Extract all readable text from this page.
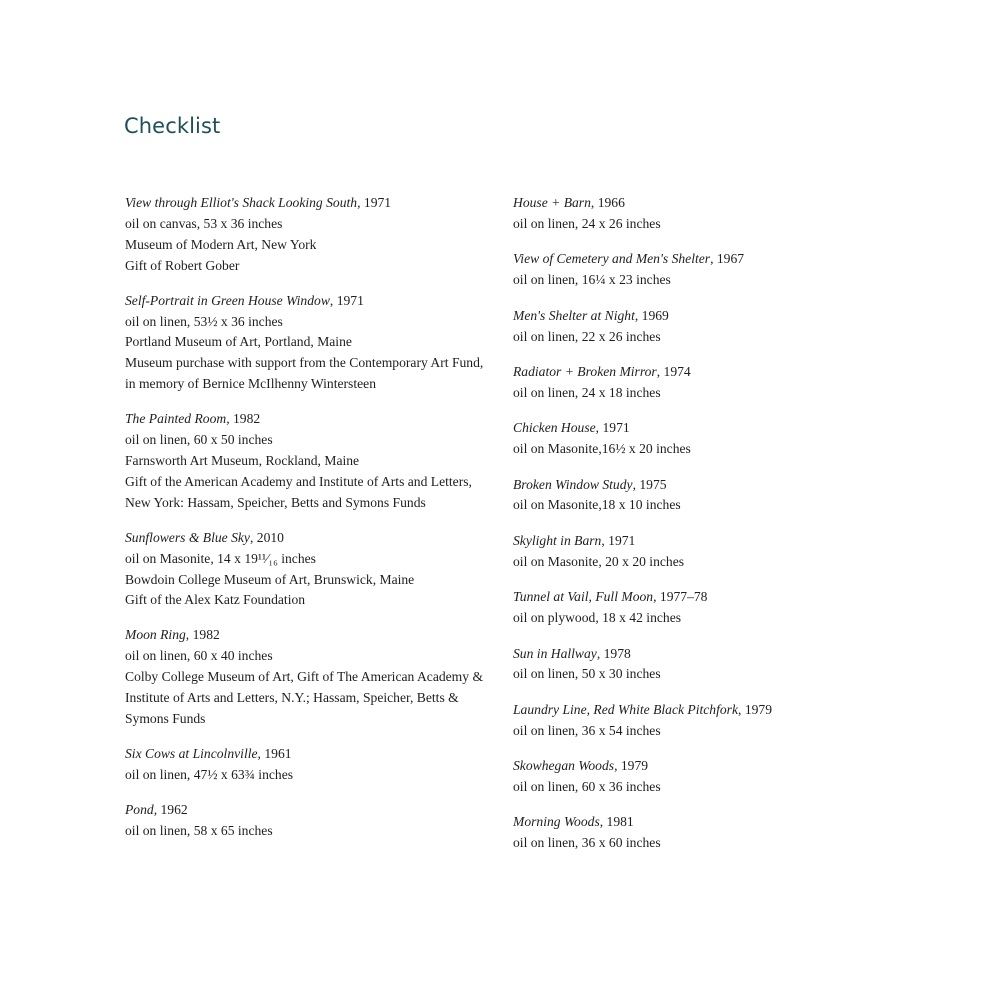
Checklist
View through Elliot's Shack Looking South, 1971
oil on canvas, 53 x 36 inches
Museum of Modern Art, New York
Gift of Robert Gober
Self-Portrait in Green House Window, 1971
oil on linen, 53½ x 36 inches
Portland Museum of Art, Portland, Maine
Museum purchase with support from the Contemporary Art Fund, in memory of Bernice McIlhenny Wintersteen
The Painted Room, 1982
oil on linen, 60 x 50 inches
Farnsworth Art Museum, Rockland, Maine
Gift of the American Academy and Institute of Arts and Letters, New York: Hassam, Speicher, Betts and Symons Funds
Sunflowers & Blue Sky, 2010
oil on Masonite, 14 x 19¹¹⁄₁₆ inches
Bowdoin College Museum of Art, Brunswick, Maine
Gift of the Alex Katz Foundation
Moon Ring, 1982
oil on linen, 60 x 40 inches
Colby College Museum of Art, Gift of The American Academy & Institute of Arts and Letters, N.Y.; Hassam, Speicher, Betts & Symons Funds
Six Cows at Lincolnville, 1961
oil on linen, 47½ x 63¾ inches
Pond, 1962
oil on linen, 58 x 65 inches
House + Barn, 1966
oil on linen, 24 x 26 inches
View of Cemetery and Men's Shelter, 1967
oil on linen, 16¼ x 23 inches
Men's Shelter at Night, 1969
oil on linen, 22 x 26 inches
Radiator + Broken Mirror, 1974
oil on linen, 24 x 18 inches
Chicken House, 1971
oil on Masonite,16½ x 20 inches
Broken Window Study, 1975
oil on Masonite,18 x 10 inches
Skylight in Barn, 1971
oil on Masonite, 20 x 20 inches
Tunnel at Vail, Full Moon, 1977–78
oil on plywood, 18 x 42 inches
Sun in Hallway, 1978
oil on linen, 50 x 30 inches
Laundry Line, Red White Black Pitchfork, 1979
oil on linen, 36 x 54 inches
Skowhegan Woods, 1979
oil on linen, 60 x 36 inches
Morning Woods, 1981
oil on linen, 36 x 60 inches
